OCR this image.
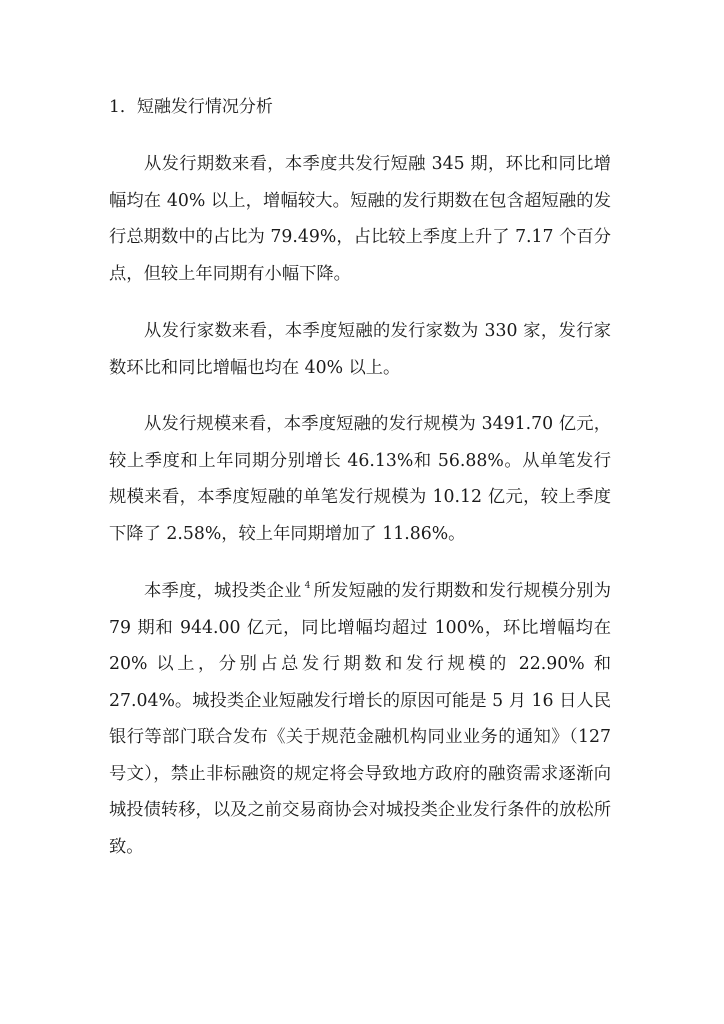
1．短融发行情况分析

从发行期数来看，本季度共发行短融 345 期，环比和同比增幅均在 40% 以上，增幅较大。短融的发行期数在包含超短融的发行总期数中的占比为 79.49%，占比较上季度上升了 7.17 个百分点，但较上年同期有小幅下降。

从发行家数来看，本季度短融的发行家数为 330 家，发行家数环比和同比增幅也均在 40% 以上。

从发行规模来看，本季度短融的发行规模为 3491.70 亿元，较上季度和上年同期分别增长 46.13%和 56.88%。从单笔发行规模来看，本季度短融的单笔发行规模为 10.12 亿元，较上季度下降了 2.58%，较上年同期增加了 11.86%。

本季度，城投类企业 $^4$ 所发短融的发行期数和发行规模分别为 79 期和 944.00 亿元，同比增幅均超过 100%，环比增幅均在 20% 以上，分别占总发行期数和发行规模的 22.90% 和 27.04%。城投类企业短融发行增长的原因可能是 5 月 16 日人民银行等部门联合发布《关于规范金融机构同业业务的通知》（127 号文），禁止非标融资的规定将会导致地方政府的融资需求逐渐向城投债转移，以及之前交易商协会对城投类企业发行条件的放松所致。
